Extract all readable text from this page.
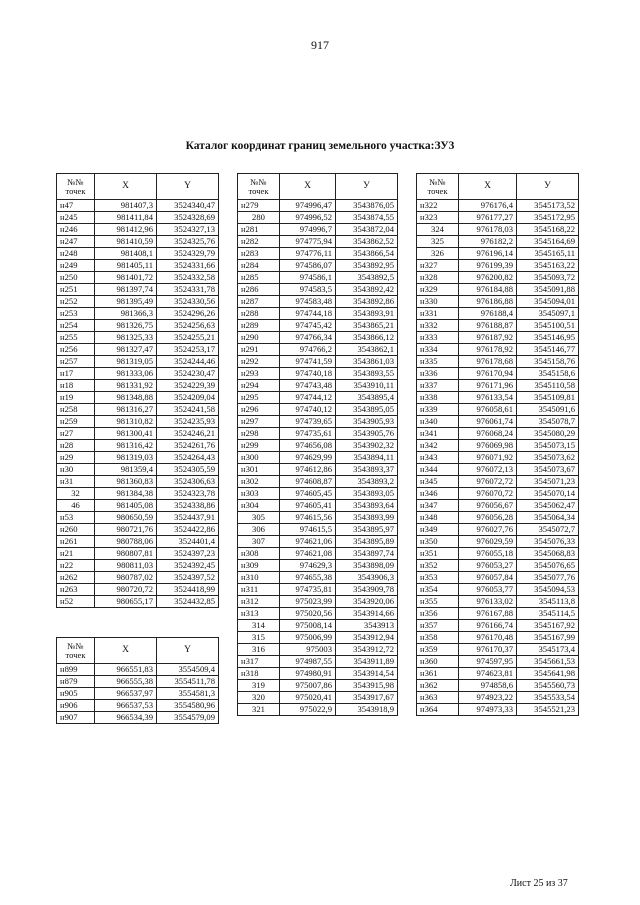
917
Каталог координат границ земельного участка:ЗУ3
№№ точек	X	Y
н47	981407,3	3524340,47
н245	981411,84	3524328,69
н246	981412,96	3524327,13
н247	981410,59	3524325,76
н248	981408,1	3524329,79
н249	981405,11	3524331,66
н250	981401,72	3524332,58
н251	981397,74	3524331,78
н252	981395,49	3524330,56
н253	981366,3	3524296,26
н254	981326,75	3524256,63
н255	981325,33	3524255,21
н256	981327,47	3524253,17
н257	981319,05	3524244,46
н17	981333,06	3524230,47
н18	981331,92	3524229,39
н19	981348,88	3524209,04
н258	981316,27	3524241,58
н259	981310,82	3524235,93
н27	981300,41	3524246,21
н28	981316,42	3524261,76
н29	981319,03	3524264,43
н30	981359,4	3524305,59
н31	981360,83	3524306,63
32	981384,38	3524323,78
46	981405,08	3524338,86
н53	980650,59	3524437,91
н260	980721,76	3524422,86
н261	980788,06	3524401,4
н21	980807,81	3524397,23
н22	980811,03	3524392,45
н262	980787,02	3524397,52
н263	980720,72	3524418,99
н52	980655,17	3524432,85
№№ точек	X	Y
н899	966551,83	3554509,4
н879	966555,38	3554511,78
н905	966537,97	3554581,3
н906	966537,53	3554580,96
н907	966534,39	3554579,09
№№ точек	X	У
н279	974996,47	3543876,05
280	974996,52	3543874,55
н281	974996,7	3543872,04
н282	974775,94	3543862,52
н283	974776,11	3543866,54
н284	974586,07	3543892,95
н285	974586,1	3543892,5
н286	974583,5	3543892,42
н287	974583,48	3543892,86
н288	974744,18	3543893,91
н289	974745,42	3543865,21
н290	974766,34	3543866,12
н291	974766,2	3543862,1
н292	974741,59	3543861,03
н293	974740,18	3543893,55
н294	974743,48	3543910,11
н295	974744,12	3543895,4
н296	974740,12	3543895,05
н297	974739,65	3543905,93
н298	974735,61	3543905,76
н299	974656,08	3543902,32
н300	974629,99	3543894,11
н301	974612,86	3543893,37
н302	974608,87	3543893,2
н303	974605,45	3543893,05
н304	974605,41	3543893,64
305	974615,56	3543893,99
306	974615,5	3543895,97
307	974621,06	3543895,89
н308	974621,08	3543897,74
н309	974629,3	3543898,09
н310	974655,38	3543906,3
н311	974735,81	3543909,78
н312	975023,99	3543920,06
н313	975020,56	3543914,66
314	975008,14	3543913
315	975006,99	3543912,94
316	975003	3543912,72
н317	974987,55	3543911,89
н318	974980,91	3543914,54
319	975007,86	3543915,98
320	975020,41	3543917,67
321	975022,9	3543918,9
№№ точек	X	У
н322	976176,4	3545173,52
н323	976177,27	3545172,95
324	976178,03	3545168,22
325	976182,2	3545164,69
326	976196,14	3545165,11
н327	976199,39	3545163,22
н328	976200,82	3545093,72
н329	976184,88	3545091,88
н330	976186,88	3545094,01
н331	976188,4	3545097,1
н332	976188,87	3545100,51
н333	976187,92	3545146,95
н334	976178,92	3545146,77
н335	976178,68	3545158,76
н336	976170,94	3545158,6
н337	976171,96	3545110,58
н338	976133,54	3545109,81
н339	976058,61	3545091,6
н340	976061,74	3545078,7
н341	976068,24	3545080,29
н342	976069,98	3545073,15
н343	976071,92	3545073,62
н344	976072,13	3545073,67
н345	976072,72	3545071,23
н346	976070,72	3545070,14
н347	976056,67	3545062,47
н348	976056,28	3545064,34
н349	976027,76	3545072,7
н350	976029,59	3545076,33
н351	976055,18	3545068,83
н352	976053,27	3545076,65
н353	976057,84	3545077,76
н354	976053,77	3545094,53
н355	976133,02	3545113,8
н356	976167,88	3545114,5
н357	976166,74	3545167,92
н358	976170,48	3545167,99
н359	976170,37	3545173,4
н360	974597,95	3545661,53
н361	974623,81	3545641,98
н362	974858,6	3545560,73
н363	974923,22	3545533,54
н364	974973,33	3545521,23
Лист 25 из 37
